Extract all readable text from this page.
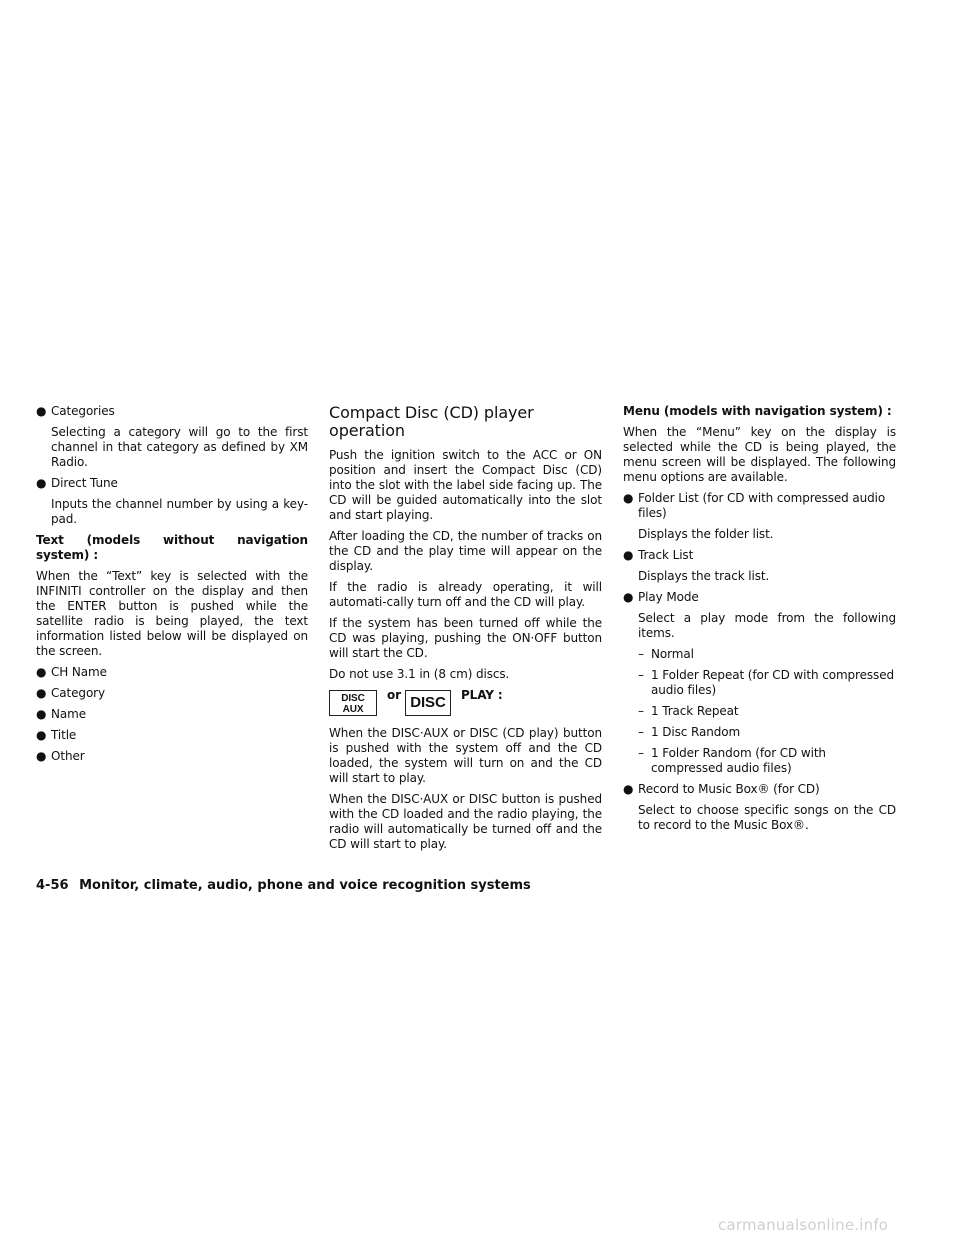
● Categories
Selecting a category will go to the first channel in that category as defined by XM Radio.
● Direct Tune
Inputs the channel number by using a key-pad.
Text (models without navigation system) :
When the “Text” key is selected with the INFINITI controller on the display and then the ENTER button is pushed while the satellite radio is being played, the text information listed below will be displayed on the screen.
● CH Name
● Category
● Name
● Title
● Other
Compact Disc (CD) player operation
Push the ignition switch to the ACC or ON position and insert the Compact Disc (CD) into the slot with the label side facing up. The CD will be guided automatically into the slot and start playing.
After loading the CD, the number of tracks on the CD and the play time will appear on the display.
If the radio is already operating, it will automati-cally turn off and the CD will play.
If the system has been turned off while the CD was playing, pushing the ON·OFF button will start the CD.
Do not use 3.1 in (8 cm) discs.
DISC
AUX
or DISC	PLAY :
When the DISC·AUX or DISC (CD play) button is pushed with the system off and the CD loaded, the system will turn on and the CD will start to play.
When the DISC·AUX or DISC button is pushed with the CD loaded and the radio playing, the radio will automatically be turned off and the CD will start to play.
Menu (models with navigation system) :
When the “Menu” key on the display is selected while the CD is being played, the menu screen will be displayed. The following menu options are available.
● Folder List (for CD with compressed audio files)
Displays the folder list.
● Track List
Displays the track list.
● Play Mode
Select a play mode from the following items.
– Normal
– 1 Folder Repeat (for CD with compressed audio files)
– 1 Track Repeat
– 1 Disc Random
– 1 Folder Random (for CD with compressed audio files)
● Record to Music Box® (for CD)
Select to choose specific songs on the CD to record to the Music Box®.
4-56 Monitor, climate, audio, phone and voice recognition systems
carmanualsonline.info
